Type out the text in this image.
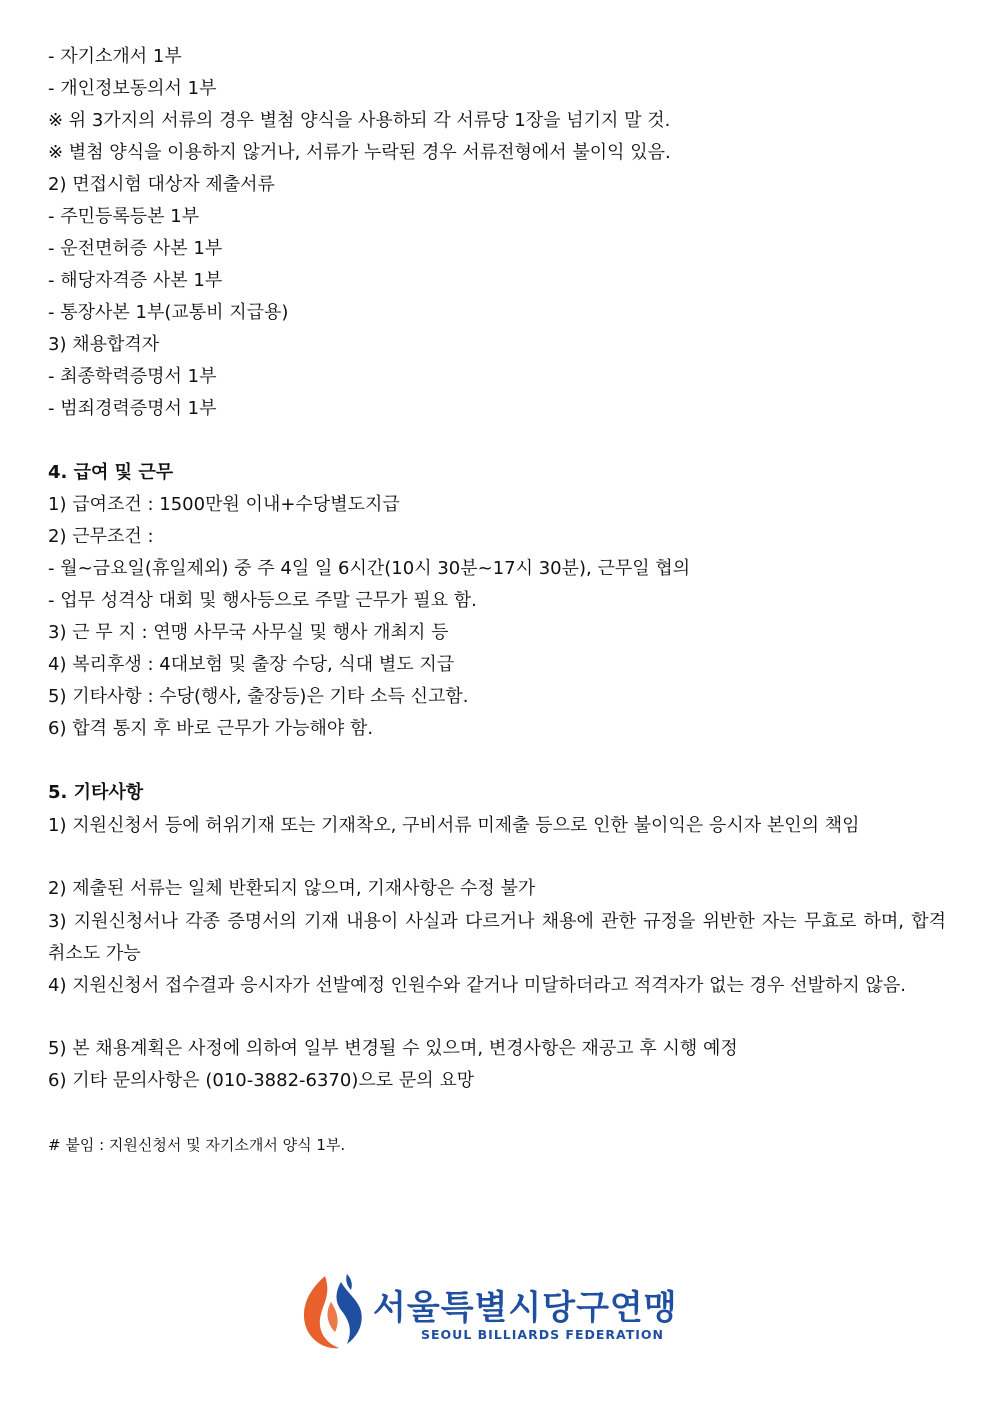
- 자기소개서 1부
- 개인정보동의서 1부
※ 위 3가지의 서류의 경우 별첨 양식을 사용하되 각 서류당 1장을 넘기지 말 것.
※ 별첨 양식을 이용하지 않거나, 서류가 누락된 경우 서류전형에서 불이익 있음.
2) 면접시험 대상자 제출서류
- 주민등록등본 1부
- 운전면허증 사본 1부
- 해당자격증 사본 1부
- 통장사본 1부(교통비 지급용)
3) 채용합격자
- 최종학력증명서 1부
- 범죄경력증명서 1부
4. 급여 및 근무
1) 급여조건 : 1500만원 이내+수당별도지급
2) 근무조건 :
- 월~금요일(휴일제외) 중 주 4일 일 6시간(10시 30분~17시 30분), 근무일 협의
- 업무 성격상 대회 및 행사등으로 주말 근무가 필요 함.
3) 근 무 지 : 연맹 사무국 사무실 및 행사 개최지 등
4) 복리후생 : 4대보험 및 출장 수당, 식대 별도 지급
5) 기타사항 : 수당(행사, 출장등)은 기타 소득 신고함.
6) 합격 통지 후 바로 근무가 가능해야 함.
5. 기타사항
1) 지원신청서 등에 허위기재 또는 기재착오, 구비서류 미제출 등으로 인한 불이익은 응시자 본인의 책임
2) 제출된 서류는 일체 반환되지 않으며, 기재사항은 수정 불가
3) 지원신청서나 각종 증명서의 기재 내용이 사실과 다르거나 채용에 관한 규정을 위반한 자는 무효로 하며, 합격 취소도 가능
4) 지원신청서 접수결과 응시자가 선발예정 인원수와 같거나 미달하더라고 적격자가 없는 경우 선발하지 않음.
5) 본 채용계획은 사정에 의하여 일부 변경될 수 있으며, 변경사항은 재공고 후 시행 예정
6) 기타 문의사항은 (010-3882-6370)으로 문의 요망
# 붙임 : 지원신청서 및 자기소개서 양식 1부.
서울특별시당구연맹
SEOUL BILLIARDS FEDERATION
